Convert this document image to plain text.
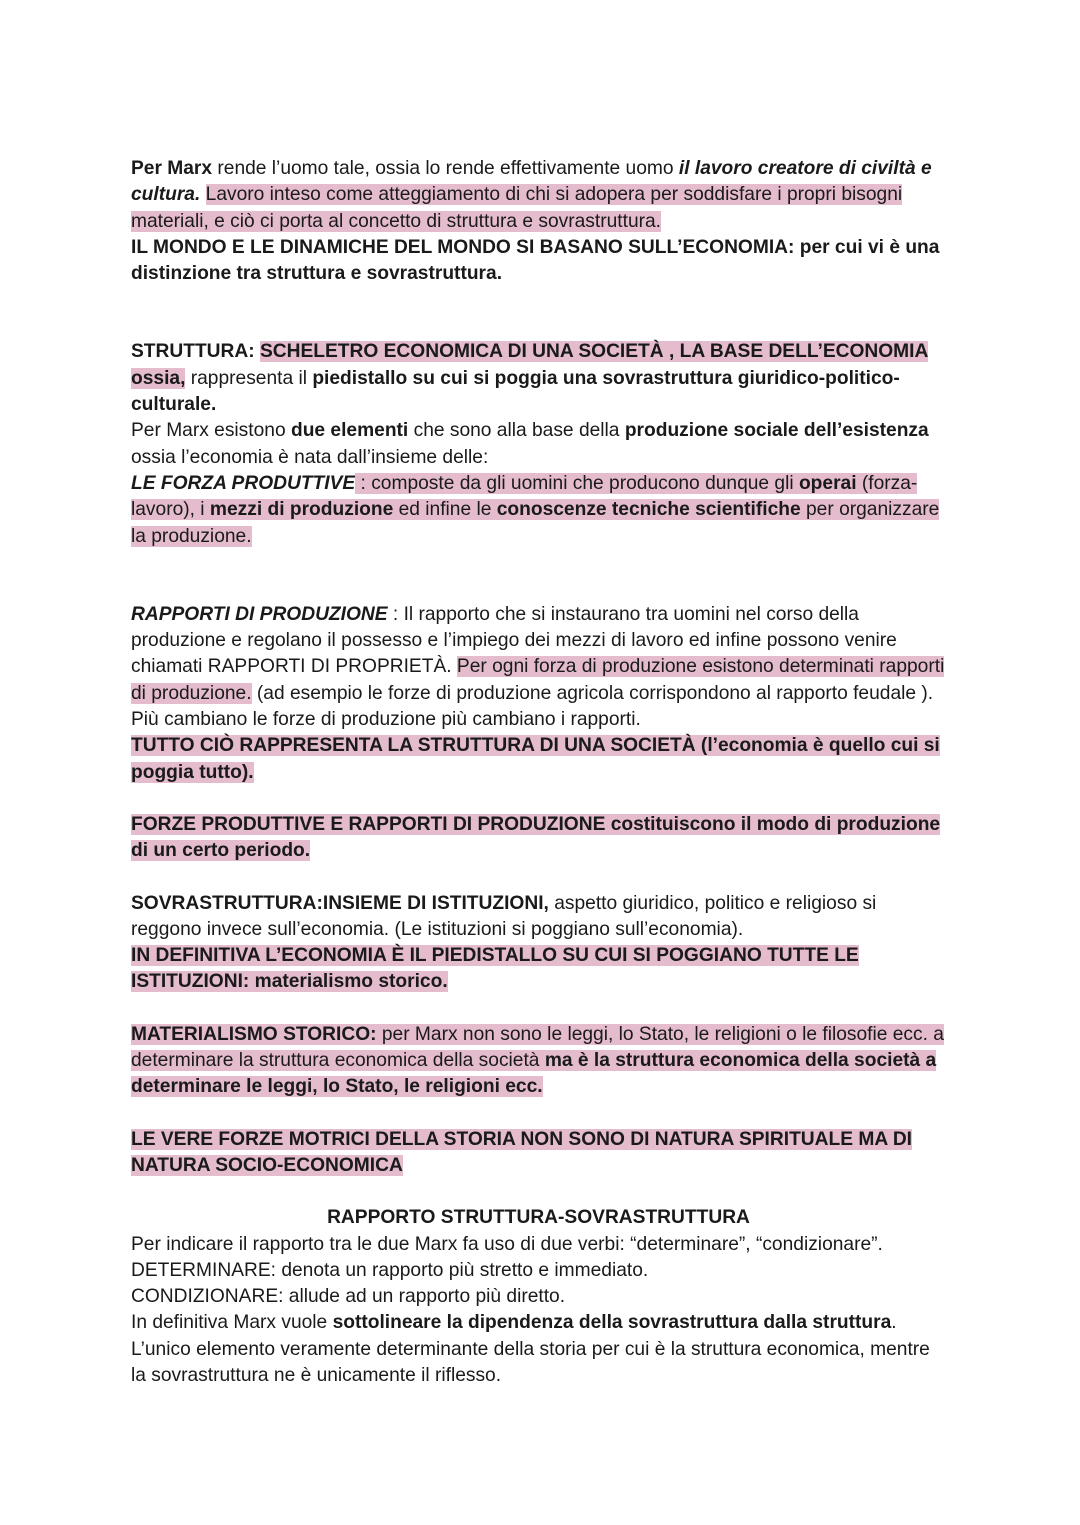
Per Marx rende l’uomo tale, ossia lo rende effettivamente uomo il lavoro creatore di civiltà e cultura. Lavoro inteso come atteggiamento di chi si adopera per soddisfare i propri bisogni materiali, e ciò ci porta al concetto di struttura e sovrastruttura.

IL MONDO E LE DINAMICHE DEL MONDO SI BASANO SULL’ECONOMIA: per cui vi è una distinzione tra struttura e sovrastruttura.

STRUTTURA: SCHELETRO ECONOMICA DI UNA SOCIETÀ , LA BASE DELL’ECONOMIA ossia, rappresenta il piedistallo su cui si poggia una sovrastruttura giuridico-politico-culturale.

Per Marx esistono due elementi che sono alla base della produzione sociale dell’esistenza ossia l’economia è nata dall’insieme delle:

LE FORZA PRODUTTIVE : composte da gli uomini che producono dunque gli operai (forza-lavoro), i mezzi di produzione ed infine le conoscenze tecniche scientifiche per organizzare la produzione.

RAPPORTI DI PRODUZIONE : Il rapporto che si instaurano tra uomini nel corso della produzione e regolano il possesso e l’impiego dei mezzi di lavoro ed infine possono venire chiamati RAPPORTI DI PROPRIETÀ. Per ogni forza di produzione esistono determinati rapporti di produzione. (ad esempio le forze di produzione agricola corrispondono al rapporto feudale ). Più cambiano le forze di produzione più cambiano i rapporti.

TUTTO CIÒ RAPPRESENTA LA STRUTTURA DI UNA SOCIETÀ (l’economia è quello cui si poggia tutto).

FORZE PRODUTTIVE E RAPPORTI DI PRODUZIONE costituiscono il modo di produzione di un certo periodo.

SOVRASTRUTTURA:INSIEME DI ISTITUZIONI, aspetto giuridico, politico e religioso si reggono invece sull’economia. (Le istituzioni si poggiano sull’economia).

IN DEFINITIVA L’ECONOMIA È IL PIEDISTALLO SU CUI SI POGGIANO TUTTE LE ISTITUZIONI: materialismo storico.

MATERIALISMO STORICO: per Marx non sono le leggi, lo Stato, le religioni o le filosofie ecc. a determinare la struttura economica della società ma è la struttura economica della società a determinare le leggi, lo Stato, le religioni ecc.

LE VERE FORZE MOTRICI DELLA STORIA NON SONO DI NATURA SPIRITUALE MA DI NATURA SOCIO-ECONOMICA

RAPPORTO STRUTTURA-SOVRASTRUTTURA

Per indicare il rapporto tra le due Marx fa uso di due verbi: “determinare”, “condizionare”.

DETERMINARE: denota un rapporto più stretto e immediato.

CONDIZIONARE: allude ad un rapporto più diretto.

In definitiva Marx vuole sottolineare la dipendenza della sovrastruttura dalla struttura.

L’unico elemento veramente determinante della storia per cui è la struttura economica, mentre la sovrastruttura ne è unicamente il riflesso.
